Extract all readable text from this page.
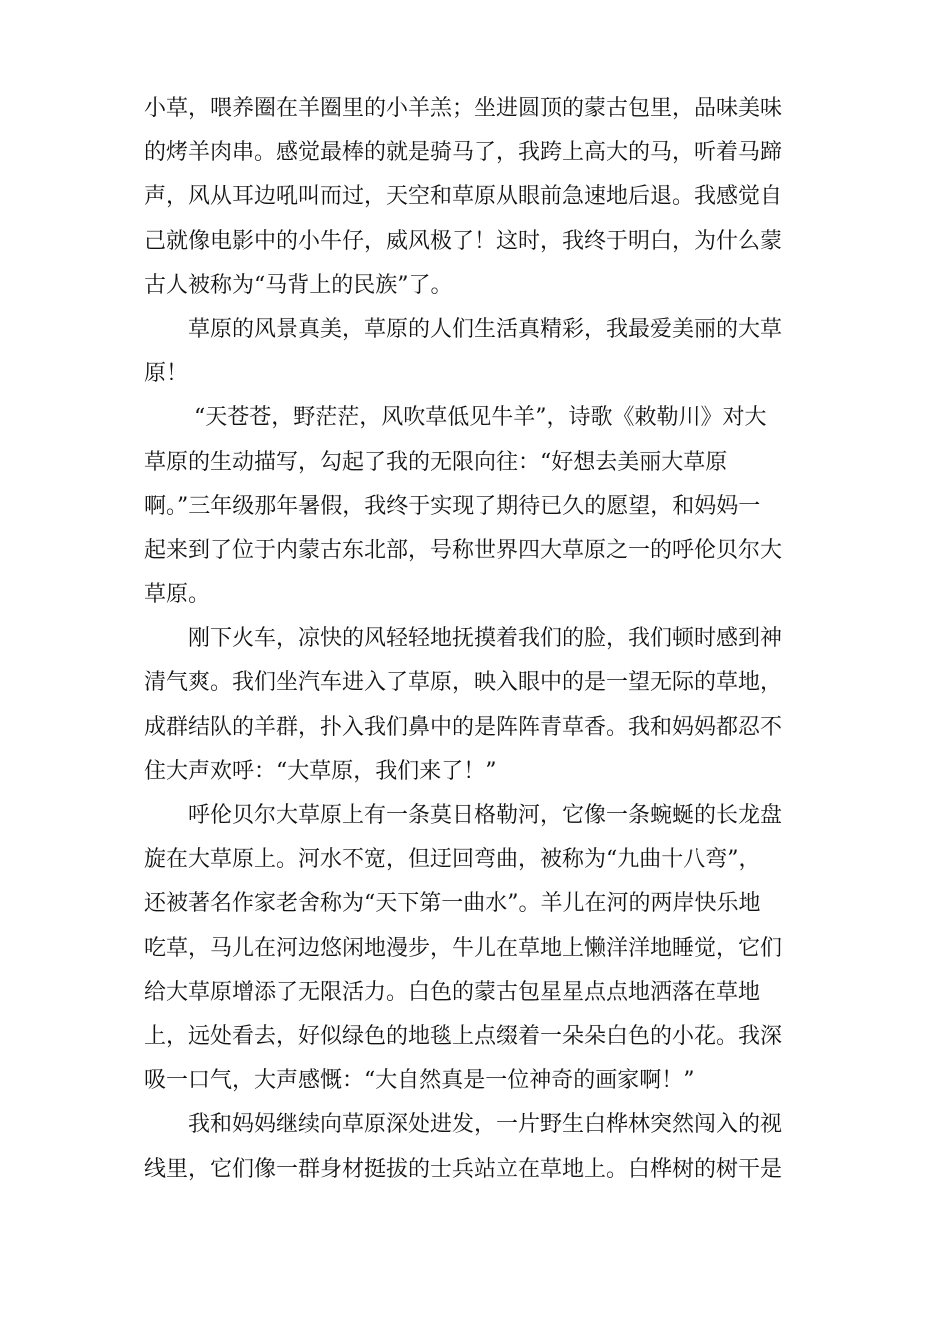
小草，喂养圈在羊圈里的小羊羔；坐进圆顶的蒙古包里，品味美味
的烤羊肉串。感觉最棒的就是骑马了，我跨上高大的马，听着马蹄
声，风从耳边吼叫而过，天空和草原从眼前急速地后退。我感觉自
己就像电影中的小牛仔，威风极了！这时，我终于明白，为什么蒙
古人被称为“马背上的民族”了。
草原的风景真美，草原的人们生活真精彩，我最爱美丽的大草
原！
“天苍苍，野茫茫，风吹草低见牛羊”，诗歌《敕勒川》对大
草原的生动描写，勾起了我的无限向往：“好想去美丽大草原
啊。”三年级那年暑假，我终于实现了期待已久的愿望，和妈妈一
起来到了位于内蒙古东北部，号称世界四大草原之一的呼伦贝尔大
草原。
刚下火车，凉快的风轻轻地抚摸着我们的脸，我们顿时感到神
清气爽。我们坐汽车进入了草原，映入眼中的是一望无际的草地，
成群结队的羊群，扑入我们鼻中的是阵阵青草香。我和妈妈都忍不
住大声欢呼：“大草原，我们来了！”
呼伦贝尔大草原上有一条莫日格勒河，它像一条蜿蜒的长龙盘
旋在大草原上。河水不宽，但迂回弯曲，被称为“九曲十八弯”，
还被著名作家老舍称为“天下第一曲水”。羊儿在河的两岸快乐地
吃草，马儿在河边悠闲地漫步，牛儿在草地上懒洋洋地睡觉，它们
给大草原增添了无限活力。白色的蒙古包星星点点地洒落在草地
上，远处看去，好似绿色的地毯上点缀着一朵朵白色的小花。我深
吸一口气，大声感慨：“大自然真是一位神奇的画家啊！”
我和妈妈继续向草原深处进发，一片野生白桦林突然闯入的视
线里，它们像一群身材挺拔的士兵站立在草地上。白桦树的树干是
